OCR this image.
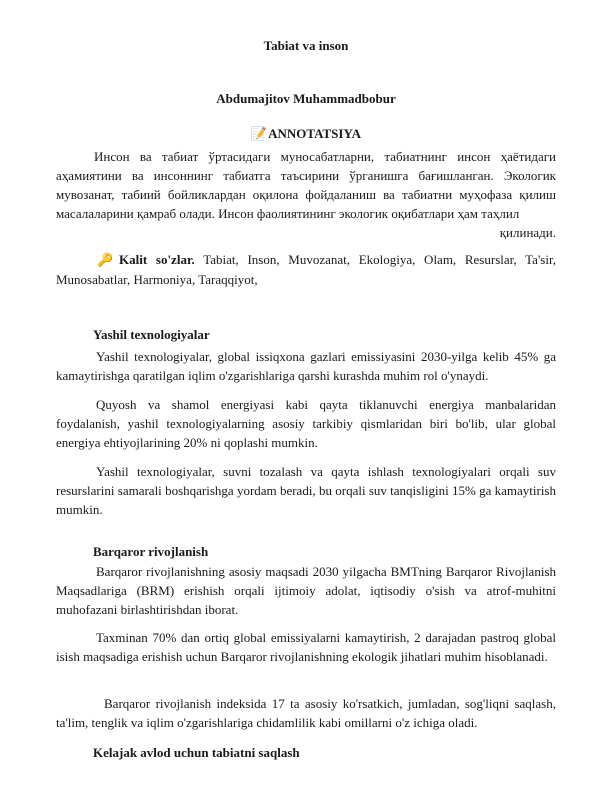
Tabiat va inson
Abdumajitov Muhammadbobur
📝ANNOTATSIYA
Инсон ва табиат ўртасидаги муносабатларни, табиатнинг инсон ҳаётидаги аҳамиятини ва инсоннинг табиатга таъсирини ўрганишга бағишланган. Экологик мувозанат, табиий бойликлардан оқилона фойдаланиш ва табиатни муҳофаза қилиш масалаларини қамраб олади. Инсон фаолиятининг экологик оқибатлари ҳам таҳлил
қилинади.
🔑Kalit so'zlar. Tabiat, Inson, Muvozanat, Ekologiya, Olam, Resurslar, Ta'sir, Munosabatlar, Harmoniya, Taraqqiyot,
Yashil texnologiyalar
Yashil texnologiyalar, global issiqxona gazlari emissiyasini 2030-yilga kelib 45% ga kamaytirishga qaratilgan iqlim o'zgarishlariga qarshi kurashda muhim rol o'ynaydi.
Quyosh va shamol energiyasi kabi qayta tiklanuvchi energiya manbalaridan foydalanish, yashil texnologiyalarning asosiy tarkibiy qismlaridan biri bo'lib, ular global energiya ehtiyojlarining 20% ni qoplashi mumkin.
Yashil texnologiyalar, suvni tozalash va qayta ishlash texnologiyalari orqali suv resurslarini samarali boshqarishga yordam beradi, bu orqali suv tanqisligini 15% ga kamaytirish mumkin.
Barqaror rivojlanish
Barqaror rivojlanishning asosiy maqsadi 2030 yilgacha BMTning Barqaror Rivojlanish Maqsadlariga (BRM) erishish orqali ijtimoiy adolat, iqtisodiy o'sish va atrof-muhitni muhofazani birlashtirishdan iborat.
Taxminan 70% dan ortiq global emissiyalarni kamaytirish, 2 darajadan pastroq global isish maqsadiga erishish uchun Barqaror rivojlanishning ekologik jihatlari muhim hisoblanadi.
Barqaror rivojlanish indeksida 17 ta asosiy ko'rsatkich, jumladan, sog'liqni saqlash, ta'lim, tenglik va iqlim o'zgarishlariga chidamlilik kabi omillarni o'z ichiga oladi.
Kelajak avlod uchun tabiatni saqlash
